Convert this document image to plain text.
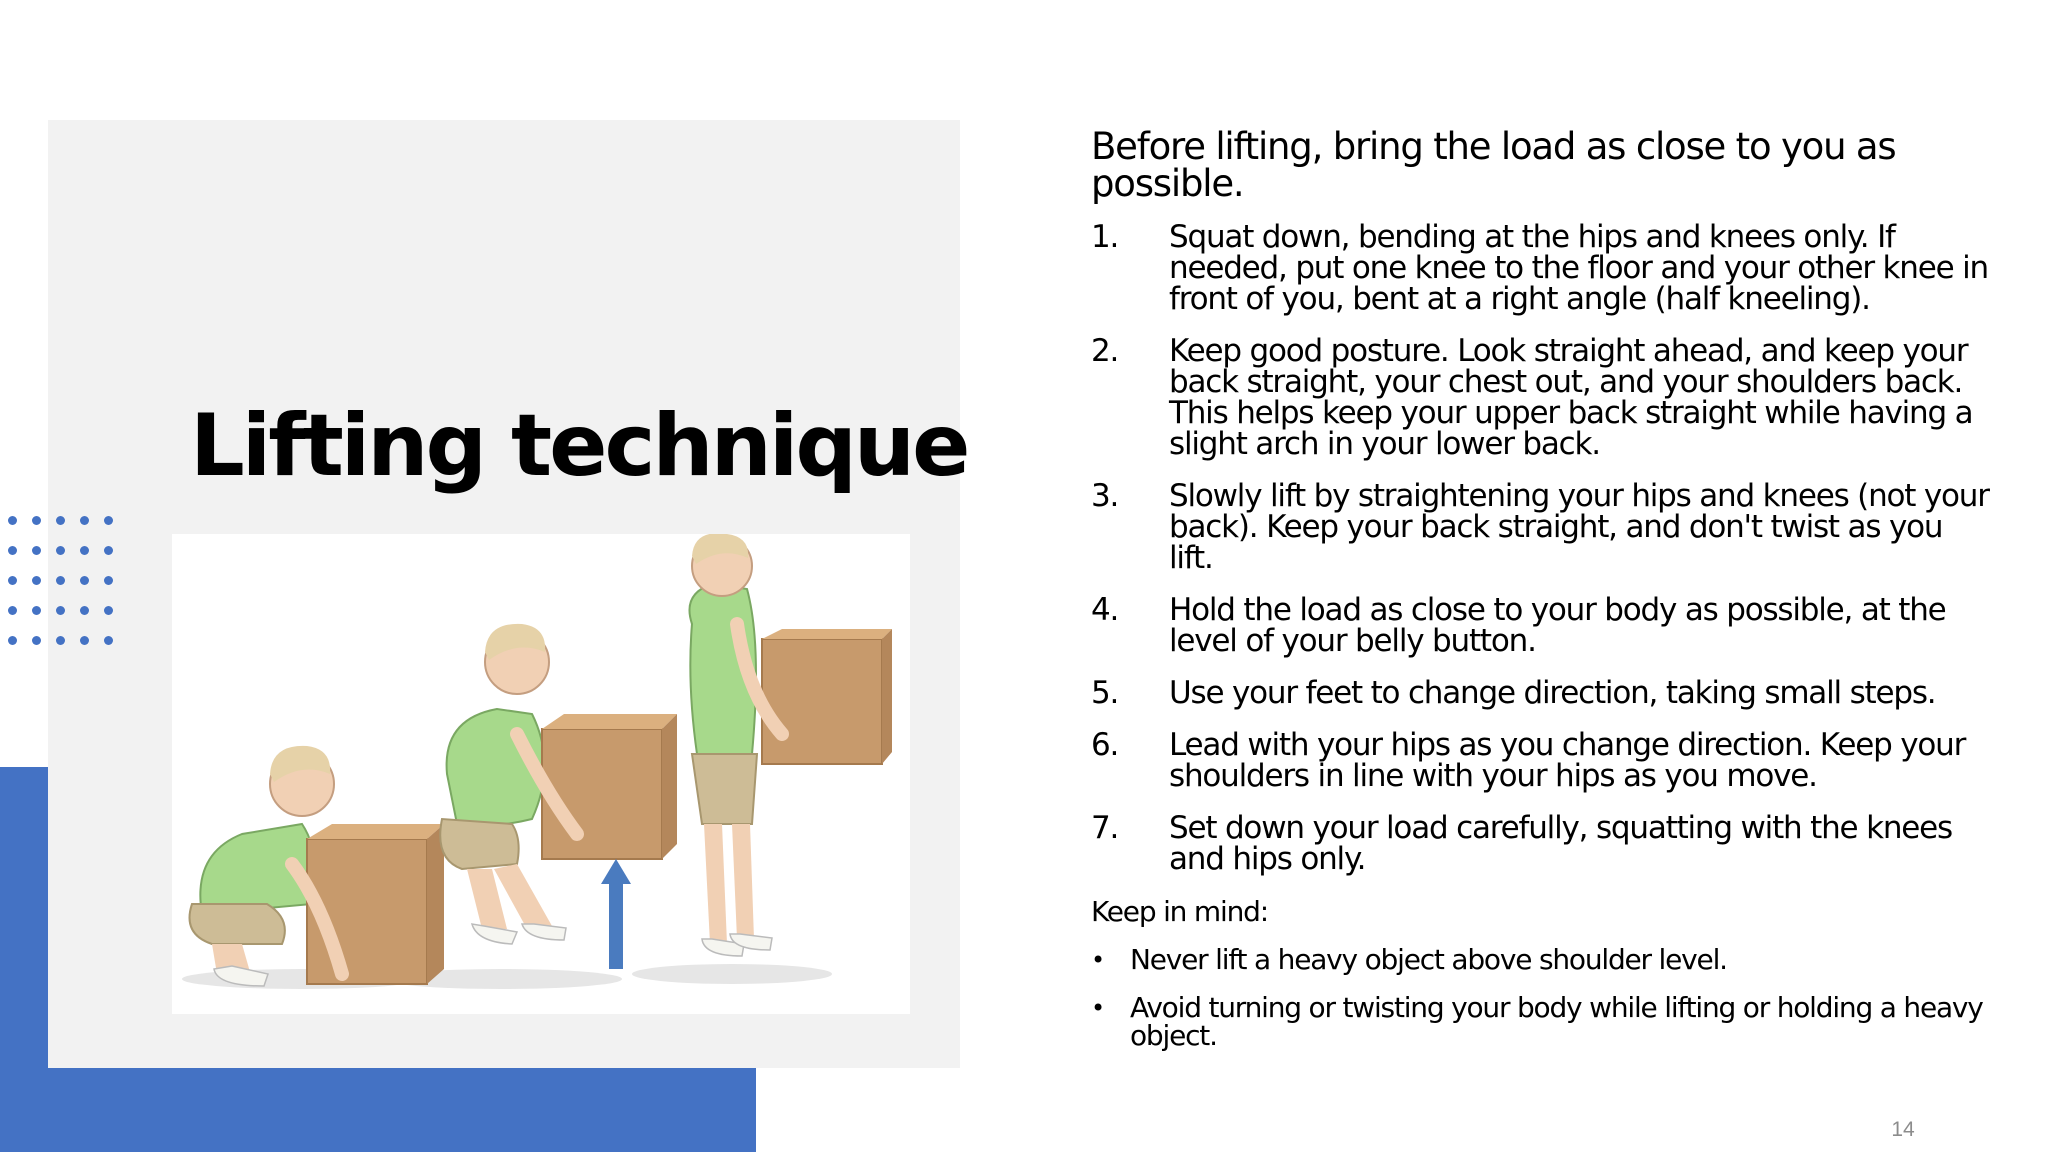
Lifting technique

Before lifting, bring the load as close to you as possible.

1.	Squat down, bending at the hips and knees only. If needed, put one knee to the floor and your other knee in front of you, bent at a right angle (half kneeling).
2.	Keep good posture. Look straight ahead, and keep your back straight, your chest out, and your shoulders back. This helps keep your upper back straight while having a slight arch in your lower back.
3.	Slowly lift by straightening your hips and knees (not your back). Keep your back straight, and don't twist as you lift.
4.	Hold the load as close to your body as possible, at the level of your belly button.
5.	Use your feet to change direction, taking small steps.
6.	Lead with your hips as you change direction. Keep your shoulders in line with your hips as you move.
7.	Set down your load carefully, squatting with the knees and hips only.

Keep in mind:

• Never lift a heavy object above shoulder level.
• Avoid turning or twisting your body while lifting or holding a heavy object.
14
